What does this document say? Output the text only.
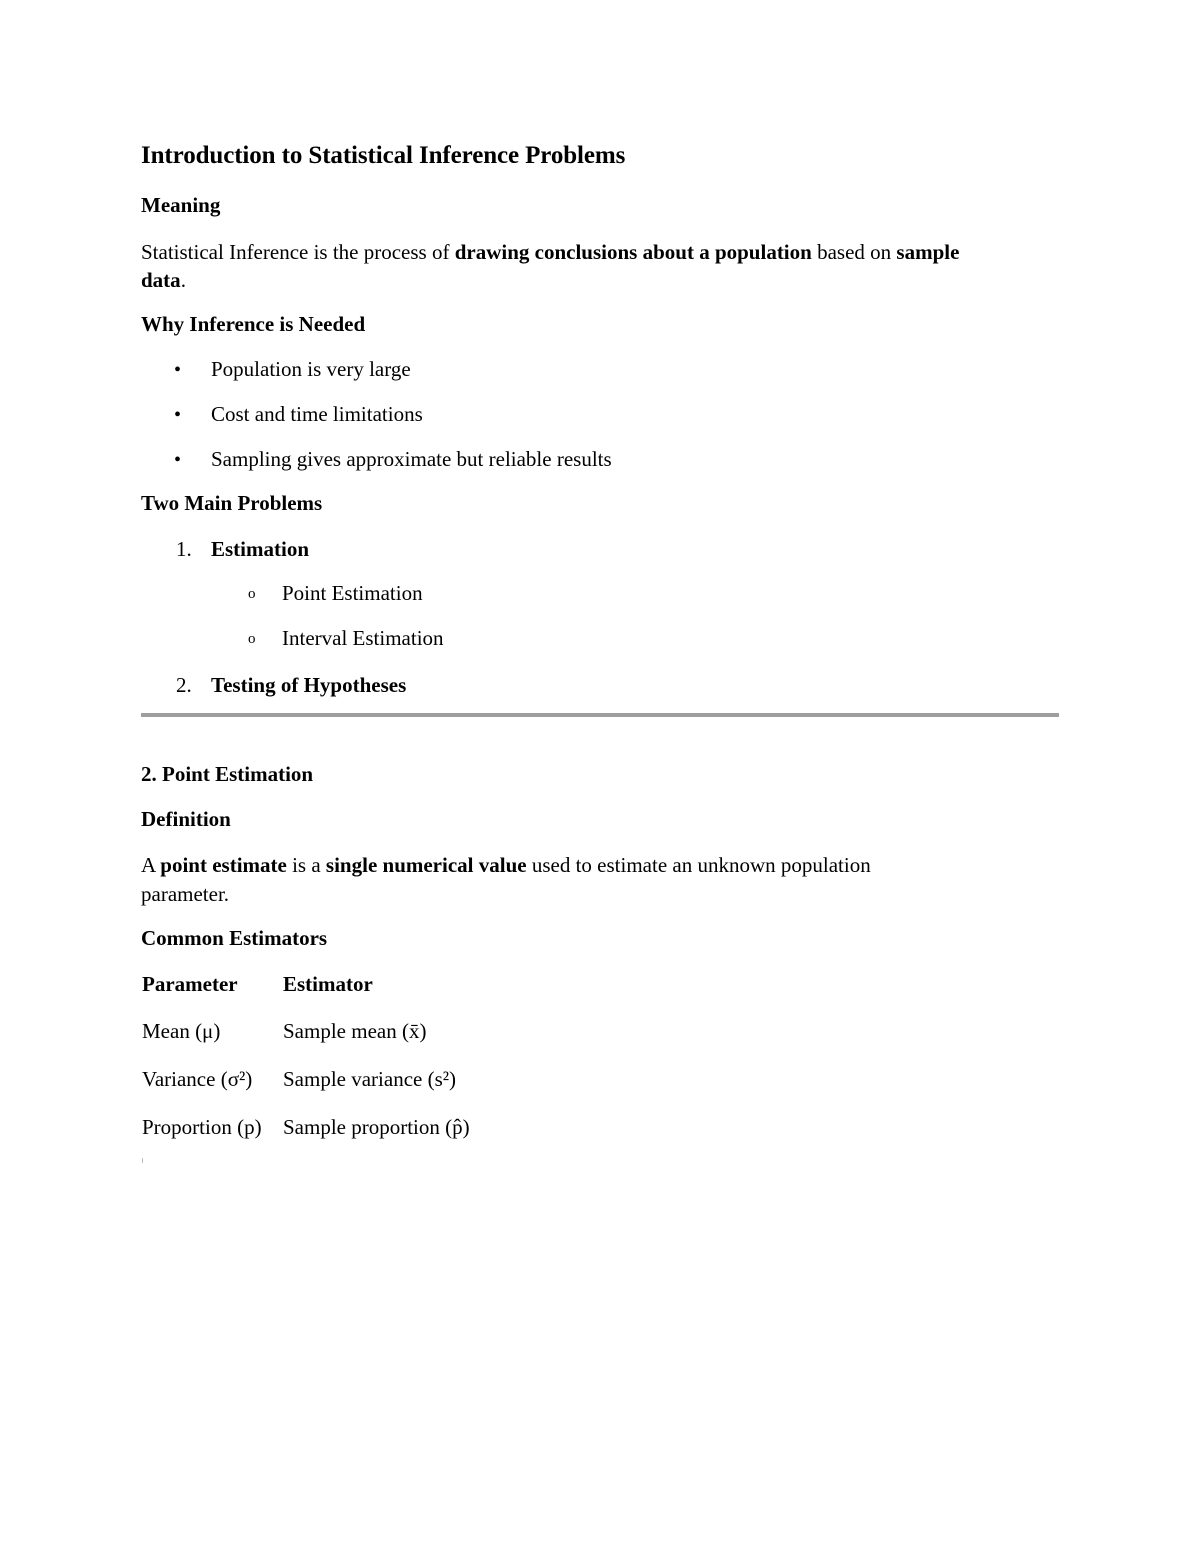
Introduction to Statistical Inference Problems
Meaning
Statistical Inference is the process of drawing conclusions about a population based on sample
data.
Why Inference is Needed
• Population is very large
• Cost and time limitations
• Sampling gives approximate but reliable results
Two Main Problems
1. Estimation
o Point Estimation
o Interval Estimation
2. Testing of Hypotheses
2. Point Estimation
Definition
A point estimate is a single numerical value used to estimate an unknown population
parameter.
Common Estimators
Parameter Estimator
Mean (μ)	Sample mean (x̄)
Variance (σ²) Sample variance (s²)
Proportion (p) Sample proportion (p̂)
